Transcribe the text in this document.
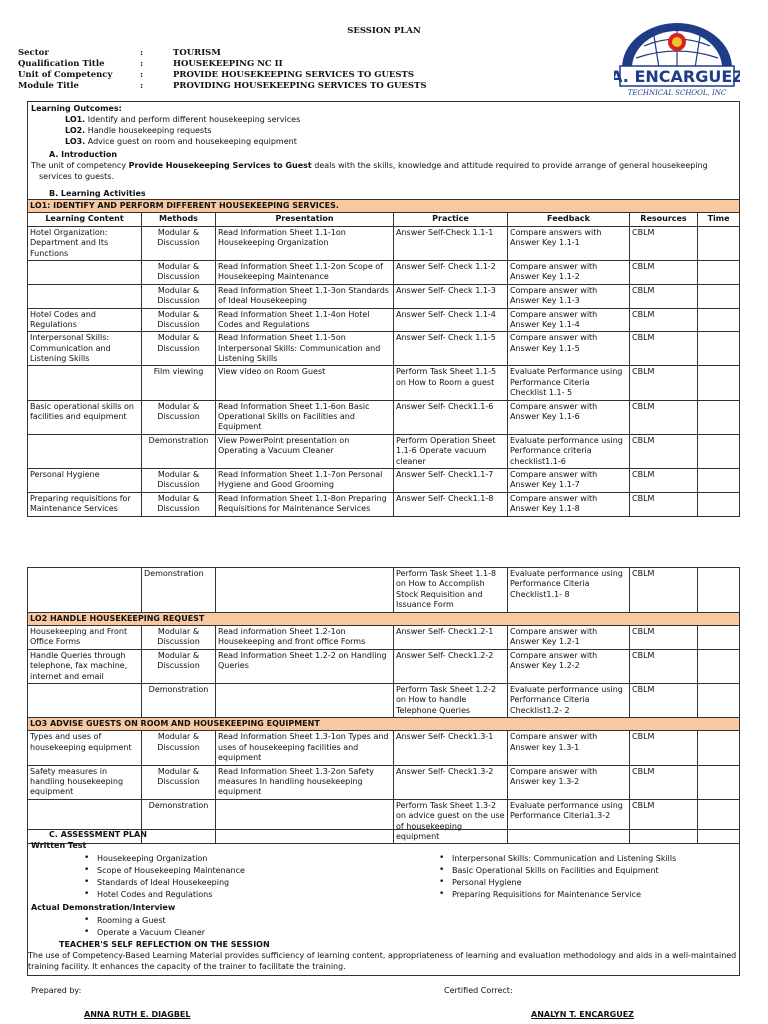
SESSION PLAN
Sector	:	TOURISM
Qualification Title	:	HOUSEKEEPING NC II
Unit of Competency	:	PROVIDE HOUSEKEEPING SERVICES TO GUESTS
Module Title	:	PROVIDING HOUSEKEEPING SERVICES TO GUESTS	A. ENCARGUEZ
TECHNICAL SCHOOL, INC
Learning Outcomes:
LO1. Identify and perform different housekeeping services
LO2. Handle housekeeping requests
LO3. Advice guest on room and housekeeping equipment
A. Introduction
The unit of competency Provide Housekeeping Services to Guest deals with the skills, knowledge and attitude required to provide arrange of general housekeeping
services to guests.
B. Learning Activities
LO1: IDENTIFY AND PERFORM DIFFERENT HOUSEKEEPING SERVICES.						
Learning Content	Methods	Presentation	Practice	Feedback	Resources	Time
Hotel Organization: Department and Its Functions	Modular & Discussion	Read Information Sheet 1.1-1on Housekeeping Organization	Answer Self-Check 1.1-1	Compare answers with Answer Key 1.1-1	CBLM	
	Modular & Discussion	Read Information Sheet 1.1-2on Scope of Housekeeping Maintenance	Answer Self- Check 1.1-2	Compare answer with Answer Key 1.1-2	CBLM	
	Modular & Discussion	Read Information Sheet 1.1-3on Standards of Ideal Housekeeping	Answer Self- Check 1.1-3	Compare answer with Answer Key 1.1-3	CBLM	
Hotel Codes and Regulations	Modular & Discussion	Read Information Sheet 1.1-4on Hotel Codes and Regulations	Answer Self- Check 1.1-4	Compare answer with Answer Key 1.1-4	CBLM	
Interpersonal Skills: Communication and Listening Skills	Modular & Discussion	Read Information Sheet 1.1-5on Interpersonal Skills: Communication and Listening Skills	Answer Self- Check 1.1-5	Compare answer with Answer Key 1.1-5	CBLM	
	Film viewing	View video on Room Guest	Perform Task Sheet 1.1-5 on How to Room a guest	Evaluate Performance using Performance Citeria Checklist 1.1- 5	CBLM	
Basic operational skills on facilities and equipment	Modular & Discussion	Read Information Sheet 1.1-6on Basic Operational Skills on Facilities and Equipment	Answer Self- Check1.1-6	Compare answer with Answer Key 1.1-6	CBLM	
	Demonstration	View PowerPoint presentation on Operating a Vacuum Cleaner	Perform Operation Sheet 1.1-6 Operate vacuum cleaner	Evaluate performance using Performance criteria checklist1.1-6	CBLM	
Personal Hygiene	Modular & Discussion	Read Information Sheet 1.1-7on Personal Hygiene and Good Grooming	Answer Self- Check1.1-7	Compare answer with Answer Key 1.1-7	CBLM	
Preparing requisitions for Maintenance Services	Modular & Discussion	Read Information Sheet 1.1-8on Preparing Requisitions for Maintenance Services	Answer Self- Check1.1-8	Compare answer with Answer Key 1.1-8	CBLM	
	Demonstration		Perform Task Sheet 1.1-8 on How to Accomplish Stock Requisition and Issuance Form	Evaluate performance using Performance Citeria Checklist1.1- 8	CBLM	
LO2 HANDLE HOUSEKEEPING REQUEST						
Housekeeping and Front Office Forms	Modular & Discussion	Read information Sheet 1.2-1on Housekeeping and front office Forms	Answer Self- Check1.2-1	Compare answer with Answer Key 1.2-1	CBLM	
Handle Queries through telephone, fax machine, internet and email	Modular & Discussion	Read Information Sheet 1.2-2 on Handling Queries	Answer Self- Check1.2-2	Compare answer with Answer Key 1.2-2	CBLM	
	Demonstration		Perform Task Sheet 1.2-2 on How to handle Telephone Queries	Evaluate performance using Performance Citeria Checklist1.2- 2	CBLM	
LO3 ADVISE GUESTS ON ROOM AND HOUSEKEEPING EQUIPMENT						
Types and uses of housekeeping equipment	Modular & Discussion	Read Information Sheet 1.3-1on Types and uses of housekeeping facilities and equipment	Answer Self- Check1.3-1	Compare answer with Answer key 1.3-1	CBLM	
Safety measures in handling housekeeping equipment	Modular & Discussion	Read Information Sheet 1.3-2on Safety measures In handling housekeeping equipment	Answer Self- Check1.3-2	Compare answer with Answer key 1.3-2	CBLM	
	Demonstration		Perform Task Sheet 1.3-2 on advice guest on the use of housekeeping equipment	Evaluate performance using Performance Citeria1.3-2	CBLM	
C. ASSESSMENT PLAN
Written Test
• Housekeeping Organization
• Scope of Housekeeping Maintenance
• Standards of Ideal Housekeeping
• Hotel Codes and Regulations
• Interpersonal Skills: Communication and Listening Skills
• Basic Operational Skills on Facilities and Equipment
• Personal Hygiene
• Preparing Requisitions for Maintenance Service
Actual Demonstration/Interview
• Rooming a Guest
• Operate a Vacuum Cleaner
TEACHER'S SELF REFLECTION ON THE SESSION
The use of Competency-Based Learning Material provides sufficiency of learning content, appropriateness of learning and evaluation methodology and aids in a well-maintained
training facility. It enhances the capacity of the trainer to facilitate the training.
Prepared by:	Certified Correct:
ANNA RUTH E. DIAGBEL	ANALYN T. ENCARGUEZ
